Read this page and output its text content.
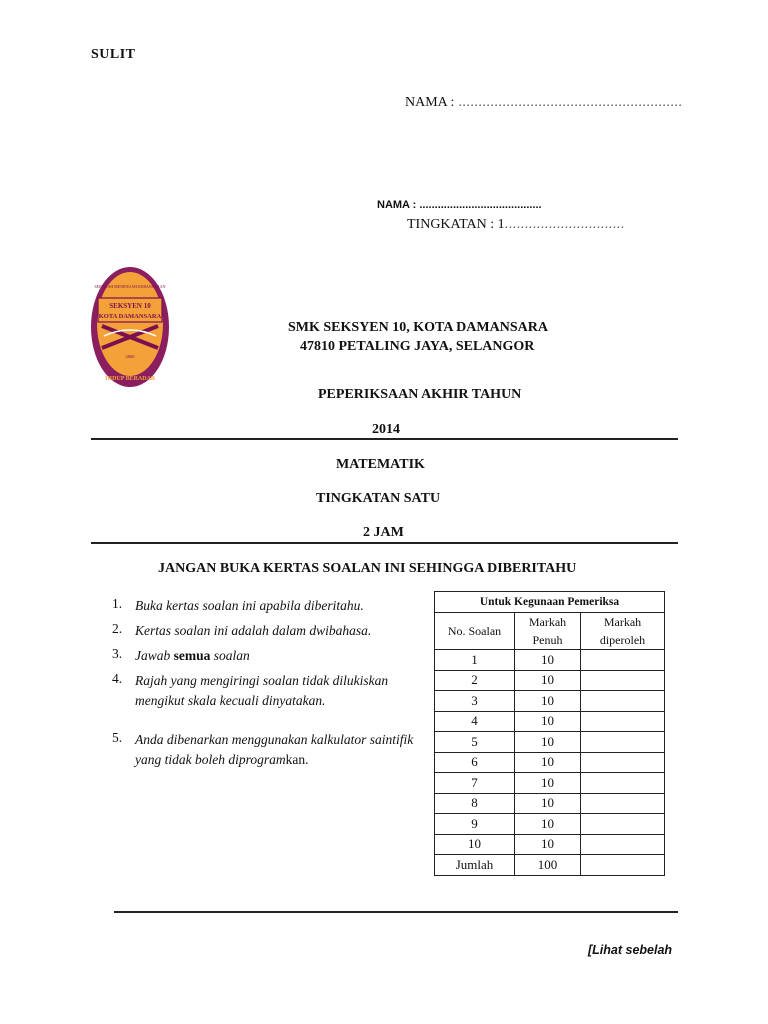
SULIT
NAMA : ........................................................
NAMA : ........................................
TINGKATAN : 1..............................
SEKOLAH MENENGAH KEBANGSAAN
SEKSYEN 10
KOTA DAMANSARA
2000
HIDUP BERADAB
SMK SEKSYEN 10, KOTA DAMANSARA
47810 PETALING JAYA, SELANGOR
PEPERIKSAAN AKHIR TAHUN
2014
MATEMATIK
TINGKATAN SATU
2 JAM
JANGAN BUKA KERTAS SOALAN INI SEHINGGA DIBERITAHU
1. Buka kertas soalan ini apabila diberitahu.
2. Kertas soalan ini adalah dalam dwibahasa.
3. Jawab semua soalan
4. Rajah yang mengiringi soalan tidak dilukiskan mengikut skala kecuali dinyatakan.
5. Anda dibenarkan menggunakan kalkulator saintifik yang tidak boleh diprogramkan.
Untuk Kegunaan Pemeriksa		
No. Soalan	Markah Penuh	Markah diperoleh
1	10	
2	10	
3	10	
4	10	
5	10	
6	10	
7	10	
8	10	
9	10	
10	10	
Jumlah	100	
[Lihat sebelah
